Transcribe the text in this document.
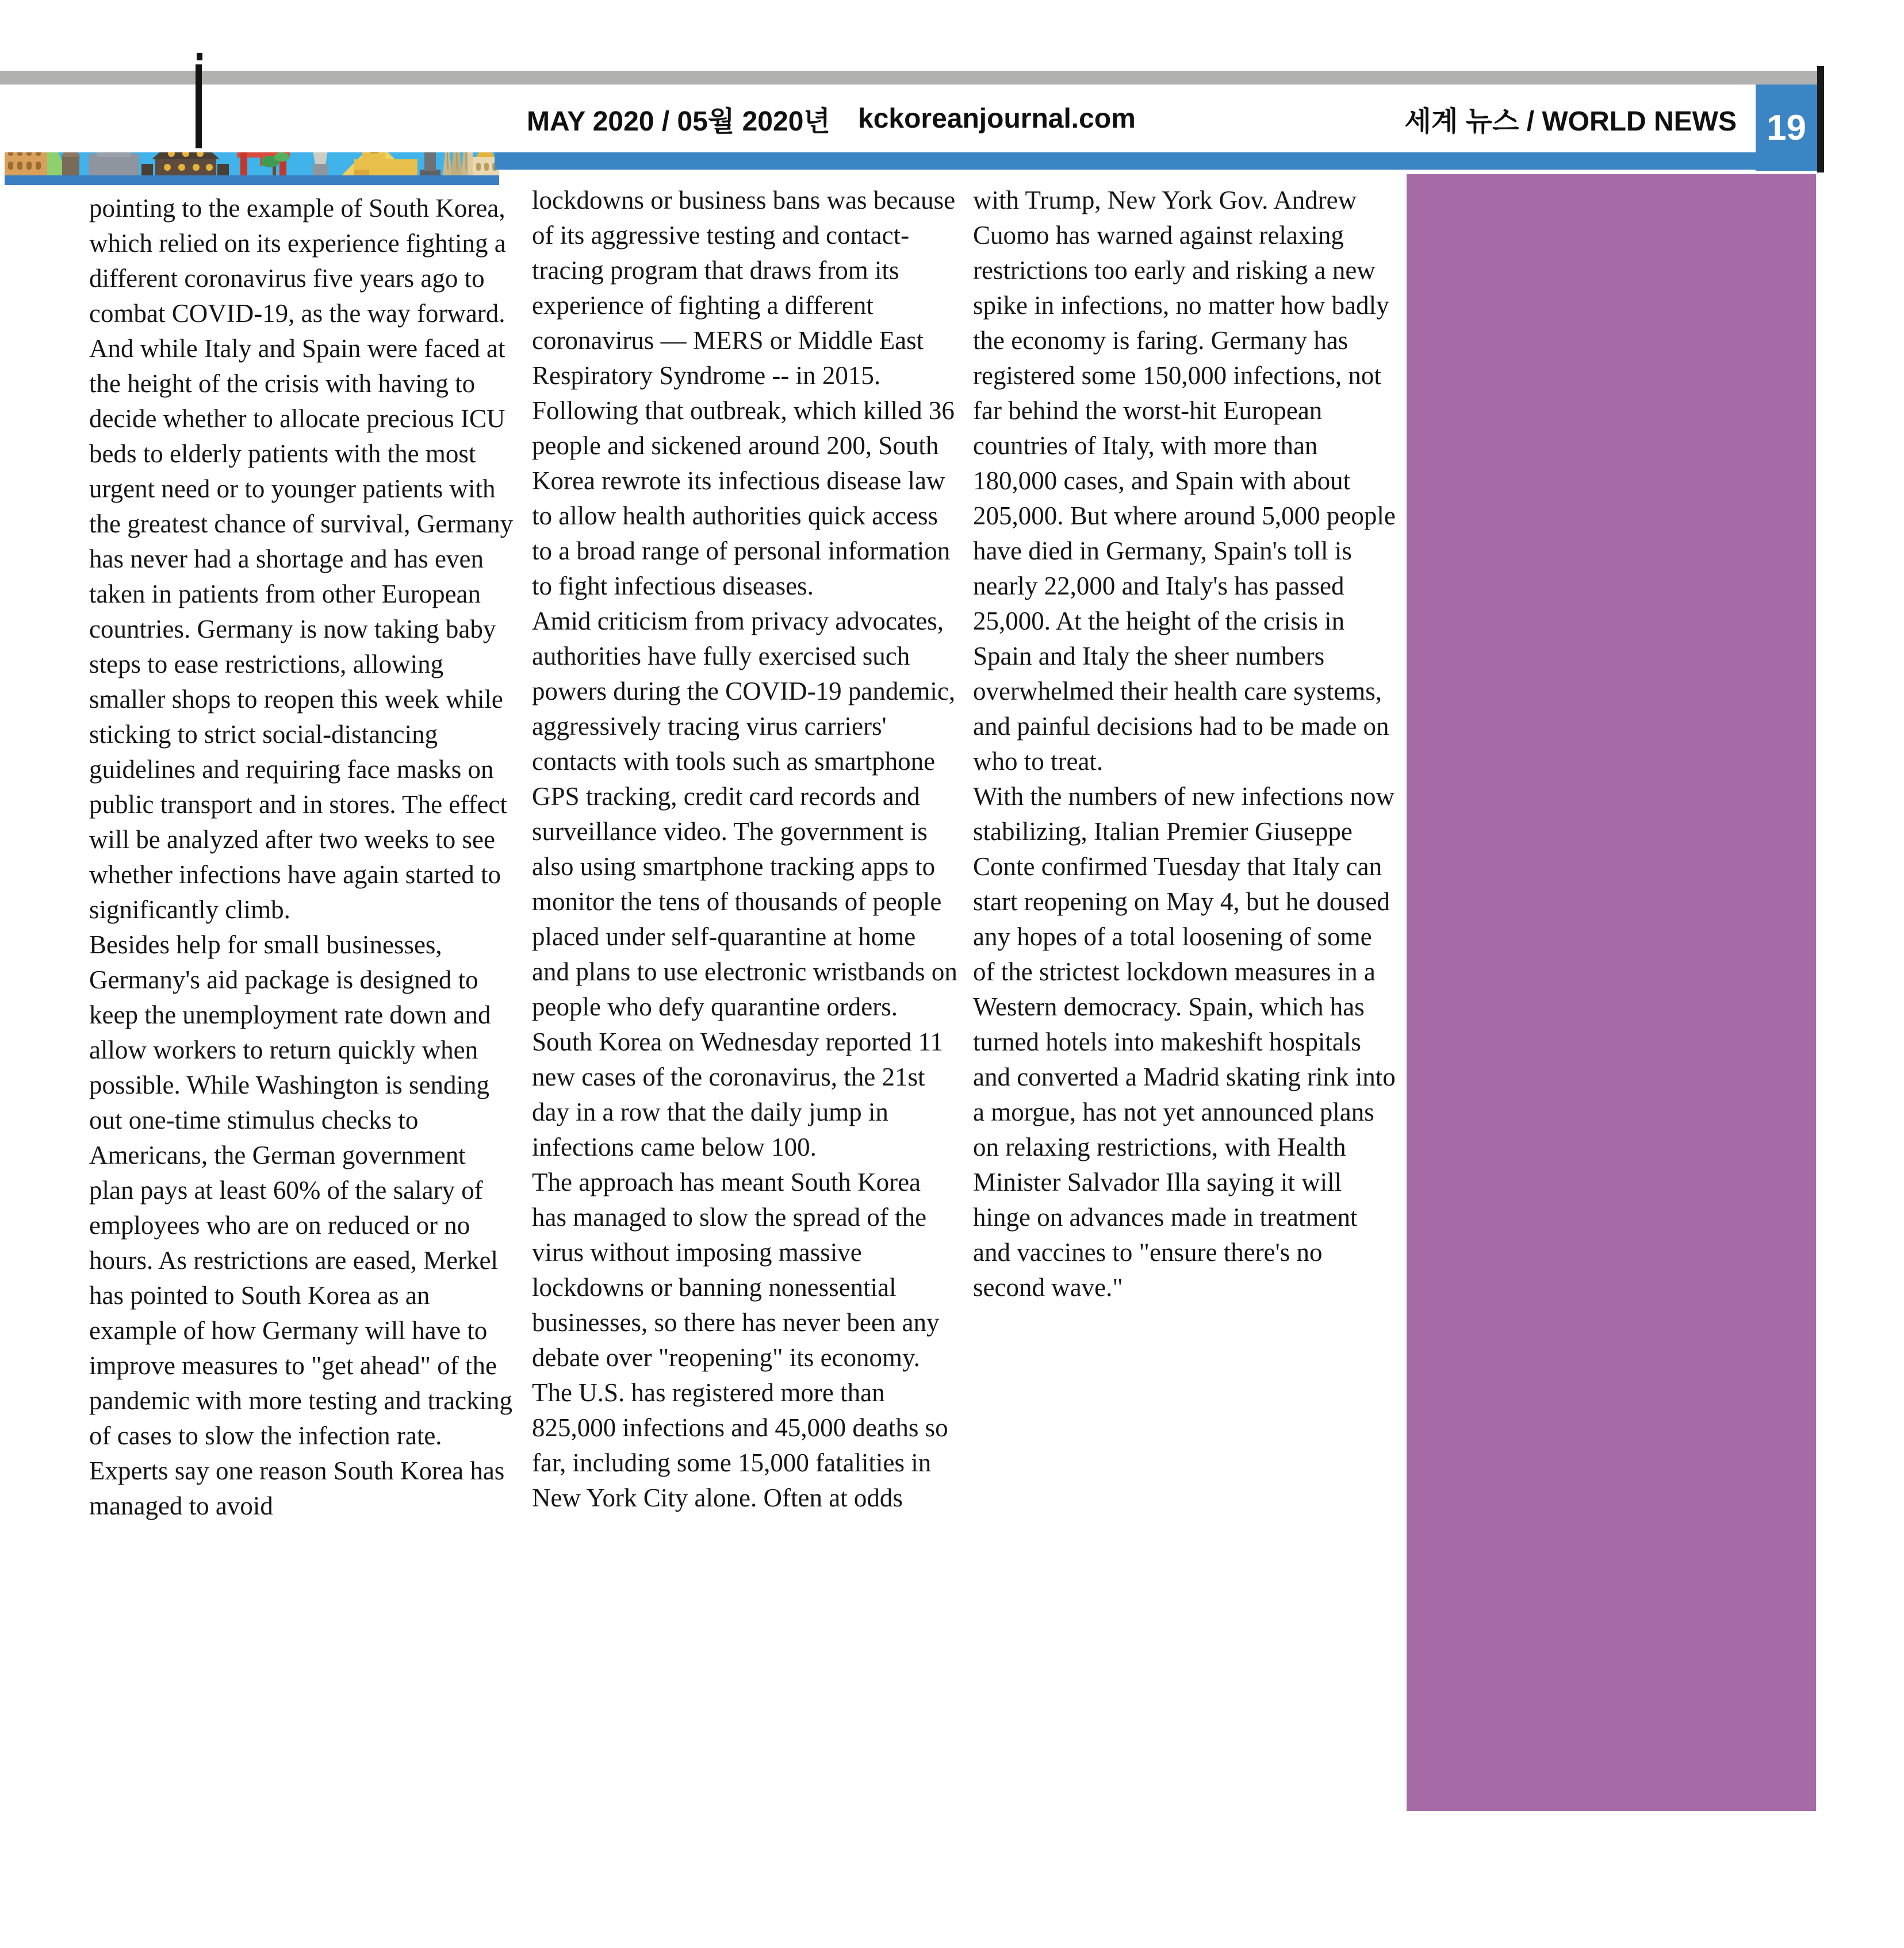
MAY 2020 / 05월 2020년 kckoreanjournal.com	세계 뉴스 / WORLD NEWS 19

pointing to the example of South Korea, which relied on its experience fighting a different coronavirus five years ago to combat COVID-19, as the way forward. And while Italy and Spain were faced at the height of the crisis with having to decide whether to allocate precious ICU beds to elderly patients with the most urgent need or to younger patients with the greatest chance of survival, Germany has never had a shortage and has even taken in patients from other European countries. Germany is now taking baby steps to ease restrictions, allowing smaller shops to reopen this week while sticking to strict social-distancing guidelines and requiring face masks on public transport and in stores. The effect will be analyzed after two weeks to see whether infections have again started to significantly climb.

Besides help for small businesses, Germany's aid package is designed to keep the unemployment rate down and allow workers to return quickly when possible. While Washington is sending out one-time stimulus checks to Americans, the German government plan pays at least 60% of the salary of employees who are on reduced or no hours. As restrictions are eased, Merkel has pointed to South Korea as an example of how Germany will have to improve measures to "get ahead" of the pandemic with more testing and tracking of cases to slow the infection rate.

Experts say one reason South Korea has managed to avoid

lockdowns or business bans was because of its aggressive testing and contact-tracing program that draws from its experience of fighting a different coronavirus — MERS or Middle East Respiratory Syndrome -- in 2015. Following that outbreak, which killed 36 people and sickened around 200, South Korea rewrote its infectious disease law to allow health authorities quick access to a broad range of personal information to fight infectious diseases.

Amid criticism from privacy advocates, authorities have fully exercised such powers during the COVID-19 pandemic, aggressively tracing virus carriers' contacts with tools such as smartphone GPS tracking, credit card records and surveillance video. The government is also using smartphone tracking apps to monitor the tens of thousands of people placed under self-quarantine at home and plans to use electronic wristbands on people who defy quarantine orders.

South Korea on Wednesday reported 11 new cases of the coronavirus, the 21st day in a row that the daily jump in infections came below 100.

The approach has meant South Korea has managed to slow the spread of the virus without imposing massive lockdowns or banning nonessential businesses, so there has never been any debate over "reopening" its economy.

The U.S. has registered more than 825,000 infections and 45,000 deaths so far, including some 15,000 fatalities in New York City alone. Often at odds

with Trump, New York Gov. Andrew Cuomo has warned against relaxing restrictions too early and risking a new spike in infections, no matter how badly the economy is faring. Germany has registered some 150,000 infections, not far behind the worst-hit European countries of Italy, with more than 180,000 cases, and Spain with about 205,000. But where around 5,000 people have died in Germany, Spain's toll is nearly 22,000 and Italy's has passed 25,000. At the height of the crisis in Spain and Italy the sheer numbers overwhelmed their health care systems, and painful decisions had to be made on who to treat.

With the numbers of new infections now stabilizing, Italian Premier Giuseppe Conte confirmed Tuesday that Italy can start reopening on May 4, but he doused any hopes of a total loosening of some of the strictest lockdown measures in a Western democracy. Spain, which has turned hotels into makeshift hospitals and converted a Madrid skating rink into a morgue, has not yet announced plans on relaxing restrictions, with Health Minister Salvador Illa saying it will hinge on advances made in treatment and vaccines to "ensure there's no second wave."
